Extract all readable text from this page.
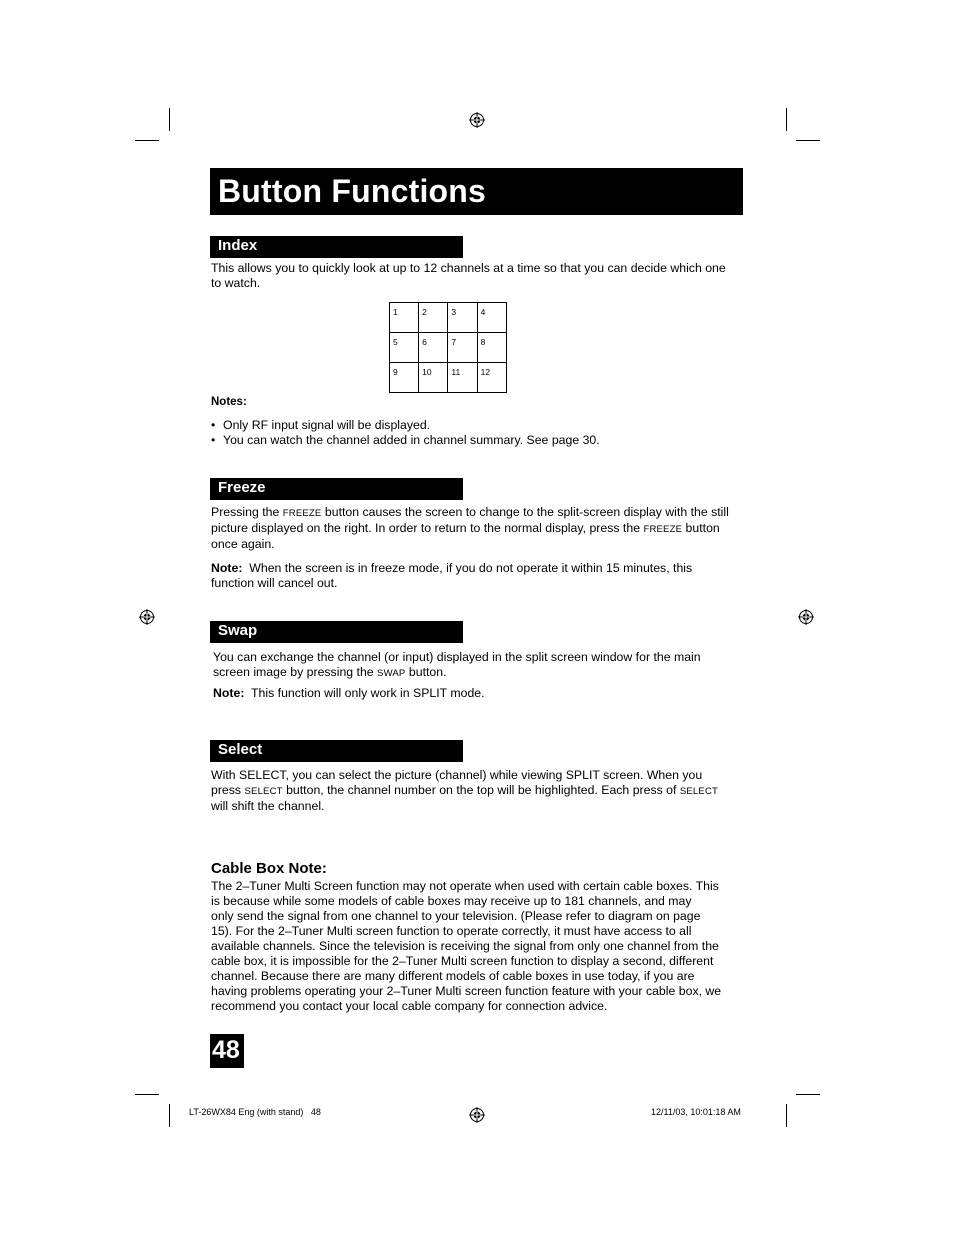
Button Functions
Index
This allows you to quickly look at up to 12 channels at a time so that you can decide which one
to watch.
1	2	3	4

5	6	7	8

9	10	11	12
Notes:
• Only RF input signal will be displayed.
• You can watch the channel added in channel summary. See page 30.
Freeze
Pressing the FREEZE button causes the screen to change to the split-screen display with the still
picture displayed on the right. In order to return to the normal display, press the FREEZE button
once again.
Note:  When the screen is in freeze mode, if you do not operate it within 15 minutes, this
function will cancel out.
Swap
You can exchange the channel (or input) displayed in the split screen window for the main
screen image by pressing the SWAP button.
Note:  This function will only work in SPLIT mode.
Select
With SELECT, you can select the picture (channel) while viewing SPLIT screen. When you
press SELECT button, the channel number on the top will be highlighted. Each press of SELECT
will shift the channel.
Cable Box Note:
The 2–Tuner Multi Screen function may not operate when used with certain cable boxes. This
is because while some models of cable boxes may receive up to 181 channels, and may
only send the signal from one channel to your television. (Please refer to diagram on page
15). For the 2–Tuner Multi screen function to operate correctly, it must have access to all
available channels. Since the television is receiving the signal from only one channel from the
cable box, it is impossible for the 2–Tuner Multi screen function to display a second, different
channel. Because there are many different models of cable boxes in use today, if you are
having problems operating your 2–Tuner Multi screen function feature with your cable box, we
recommend you contact your local cable company for connection advice.
48
LT-26WX84 Eng (with stand)   48	12/11/03, 10:01:18 AM
